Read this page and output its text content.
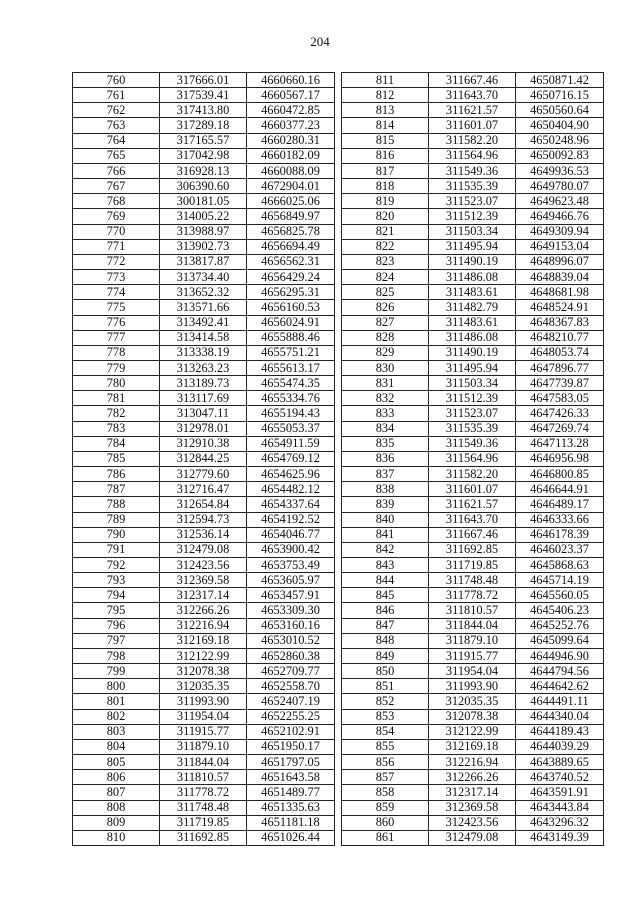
204
760	317666.01	4660660.16
761	317539.41	4660567.17
762	317413.80	4660472.85
763	317289.18	4660377.23
764	317165.57	4660280.31
765	317042.98	4660182.09
766	316928.13	4660088.09
767	306390.60	4672904.01
768	300181.05	4666025.06
769	314005.22	4656849.97
770	313988.97	4656825.78
771	313902.73	4656694.49
772	313817.87	4656562.31
773	313734.40	4656429.24
774	313652.32	4656295.31
775	313571.66	4656160.53
776	313492.41	4656024.91
777	313414.58	4655888.46
778	313338.19	4655751.21
779	313263.23	4655613.17
780	313189.73	4655474.35
781	313117.69	4655334.76
782	313047.11	4655194.43
783	312978.01	4655053.37
784	312910.38	4654911.59
785	312844.25	4654769.12
786	312779.60	4654625.96
787	312716.47	4654482.12
788	312654.84	4654337.64
789	312594.73	4654192.52
790	312536.14	4654046.77
791	312479.08	4653900.42
792	312423.56	4653753.49
793	312369.58	4653605.97
794	312317.14	4653457.91
795	312266.26	4653309.30
796	312216.94	4653160.16
797	312169.18	4653010.52
798	312122.99	4652860.38
799	312078.38	4652709.77
800	312035.35	4652558.70
801	311993.90	4652407.19
802	311954.04	4652255.25
803	311915.77	4652102.91
804	311879.10	4651950.17
805	311844.04	4651797.05
806	311810.57	4651643.58
807	311778.72	4651489.77
808	311748.48	4651335.63
809	311719.85	4651181.18
810	311692.85	4651026.44
811	311667.46	4650871.42
812	311643.70	4650716.15
813	311621.57	4650560.64
814	311601.07	4650404.90
815	311582.20	4650248.96
816	311564.96	4650092.83
817	311549.36	4649936.53
818	311535.39	4649780.07
819	311523.07	4649623.48
820	311512.39	4649466.76
821	311503.34	4649309.94
822	311495.94	4649153.04
823	311490.19	4648996.07
824	311486.08	4648839.04
825	311483.61	4648681.98
826	311482.79	4648524.91
827	311483.61	4648367.83
828	311486.08	4648210.77
829	311490.19	4648053.74
830	311495.94	4647896.77
831	311503.34	4647739.87
832	311512.39	4647583.05
833	311523.07	4647426.33
834	311535.39	4647269.74
835	311549.36	4647113.28
836	311564.96	4646956.98
837	311582.20	4646800.85
838	311601.07	4646644.91
839	311621.57	4646489.17
840	311643.70	4646333.66
841	311667.46	4646178.39
842	311692.85	4646023.37
843	311719.85	4645868.63
844	311748.48	4645714.19
845	311778.72	4645560.05
846	311810.57	4645406.23
847	311844.04	4645252.76
848	311879.10	4645099.64
849	311915.77	4644946.90
850	311954.04	4644794.56
851	311993.90	4644642.62
852	312035.35	4644491.11
853	312078.38	4644340.04
854	312122.99	4644189.43
855	312169.18	4644039.29
856	312216.94	4643889.65
857	312266.26	4643740.52
858	312317.14	4643591.91
859	312369.58	4643443.84
860	312423.56	4643296.32
861	312479.08	4643149.39
